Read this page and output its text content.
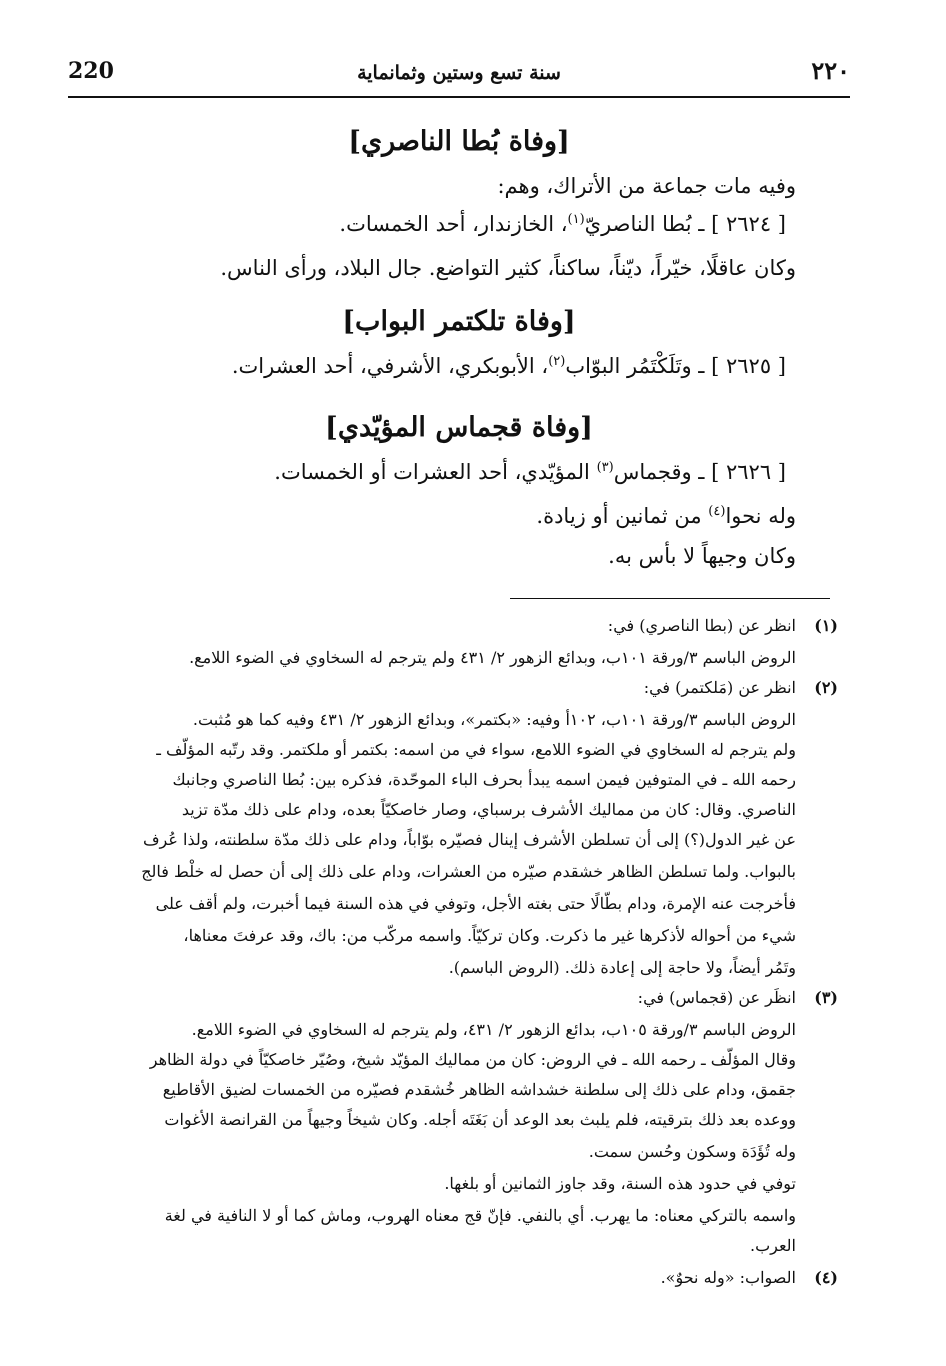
220	سنة تسع وستين وثمانماية	٢٢٠
[وفاة بُطا الناصري]
وفيه مات جماعة من الأتراك، وهم:
[ ٢٦٢٤ ] ـ بُطا الناصريّ$^{(١)}$، الخازندار، أحد الخمسات.
وكان عاقلًا، خيّراً، ديّناً، ساكناً، كثير التواضع. جال البلاد، ورأى الناس.
[وفاة تلكتمر البواب]
[ ٢٦٢٥ ] ـ وتَلَكْتَمُر البوّاب$^{(٢)}$، الأبوبكري، الأشرفي، أحد العشرات.
[وفاة قجماس المؤيّدي]
[ ٢٦٢٦ ] ـ وقجماس$^{(٣)}$ المؤيّدي، أحد العشرات أو الخمسات.
وله نحوا$^{(٤)}$ من ثمانين أو زيادة.
وكان وجيهاً لا بأس به.
(١)
انظر عن (بطا الناصري) في:
الروض الباسم ٣/ورقة ١٠١ب، وبدائع الزهور ٢/ ٤٣١ ولم يترجم له السخاوي في الضوء اللامع.
(٢)
انظر عن (مَلكتمر) في:
الروض الباسم ٣/ورقة ١٠١ب، ١٠٢أ وفيه: «بكتمر»، وبدائع الزهور ٢/ ٤٣١ وفيه كما هو مُثبت.
ولم يترجم له السخاوي في الضوء اللامع، سواء في من اسمه: بكتمر أو ملكتمر. وقد رتّبه المؤلّف ـ
رحمه الله ـ في المتوفين فيمن اسمه يبدأ بحرف الباء الموحّدة، فذكره بين: بُطا الناصري وجانبك
الناصري. وقال: كان من مماليك الأشرف برسباي، وصار خاصكيّاً بعده، ودام على ذلك مدّة تزيد
عن غير الدول(؟) إلى أن تسلطن الأشرف إينال فصيّره بوّاباً، ودام على ذلك مدّة سلطنته، ولذا عُرف
بالبواب. ولما تسلطن الظاهر خشقدم صيّره من العشرات، ودام على ذلك إلى أن حصل له خلْط فالج
فأخرجت عنه الإمرة، ودام بطّالًا حتى بغته الأجل، وتوفي في هذه السنة فيما أخبرت، ولم أقف على
شيء من أحواله لأذكرها غير ما ذكرت. وكان تركيّاً. واسمه مركّب من: باك، وقد عرفتَ معناها،
وتَمُر أيضاً، ولا حاجة إلى إعادة ذلك. (الروض الباسم).
(٣)
انظَر عن (قجماس) في:
الروض الباسم ٣/ورقة ١٠٥ب، بدائع الزهور ٢/ ٤٣١، ولم يترجم له السخاوي في الضوء اللامع.
وقال المؤلّف ـ رحمه الله ـ في الروض: كان من مماليك المؤيّد شيخ، وصُيّر خاصكيّاً في دولة الظاهر
جقمق، ودام على ذلك إلى سلطنة خشداشه الظاهر خُشقدم فصيّره من الخمسات لضيق الأقاطيع
ووعده بعد ذلك بترقيته، فلم يلبث بعد الوعد أن بَغَتَه أجله. وكان شيخاً وجيهاً من القرانصة الأغوات
وله تُؤَدَة وسكون وحُسن سمت.
توفي في حدود هذه السنة، وقد جاوز الثمانين أو بلغها.
واسمه بالتركي معناه: ما يهرب. أي بالنفي. فإنّ قج معناه الهروب، وماش كما أو لا النافية في لغة
العرب.
(٤)
الصواب: «وله نحوٌ».
